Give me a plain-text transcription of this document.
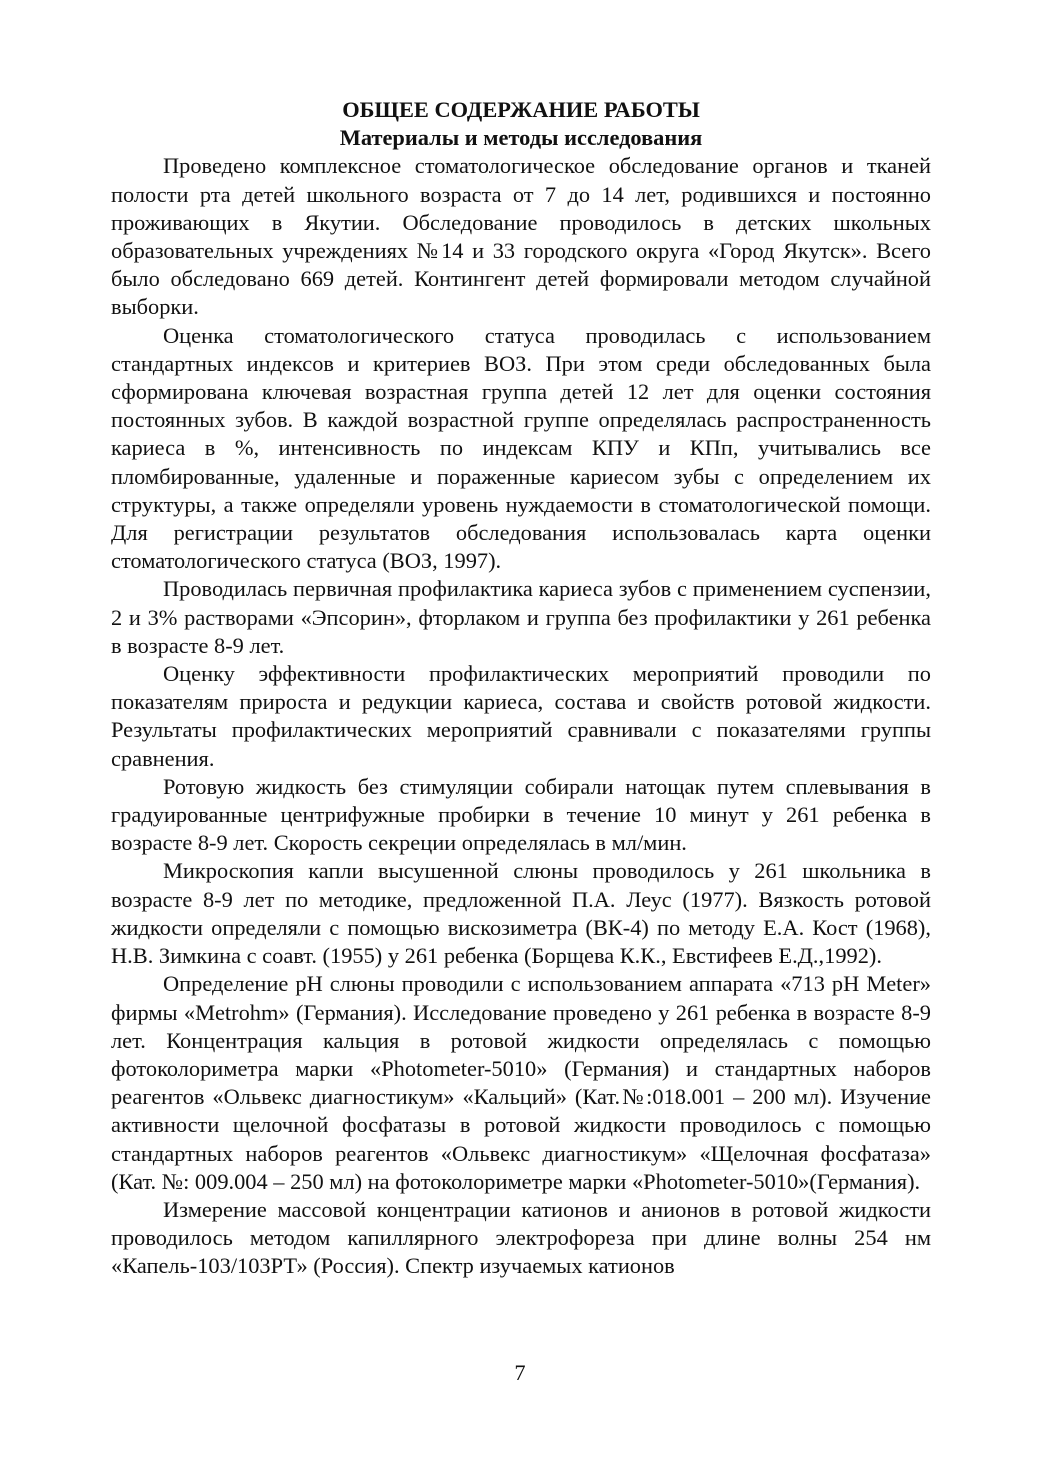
ОБЩЕЕ СОДЕРЖАНИЕ РАБОТЫ

Материалы и методы исследования

Проведено комплексное стоматологическое обследование органов и тканей полости рта детей школьного возраста от 7 до 14 лет, родившихся и постоянно проживающих в Якутии. Обследование проводилось в детских школьных образовательных учреждениях №14 и 33 городского округа «Город Якутск». Всего было обследовано 669 детей. Контингент детей формировали методом случайной выборки.

Оценка стоматологического статуса проводилась с использованием стандартных индексов и критериев ВОЗ. При этом среди обследованных была сформирована ключевая возрастная группа детей 12 лет для оценки состояния постоянных зубов. В каждой возрастной группе определялась распространенность кариеса в %, интенсивность по индексам КПУ и КПп, учитывались все пломбированные, удаленные и пораженные кариесом зубы с определением их структуры, а также определяли уровень нуждаемости в стоматологической помощи. Для регистрации результатов обследования использовалась карта оценки стоматологического статуса (ВОЗ, 1997).

Проводилась первичная профилактика кариеса зубов с применением суспензии, 2 и 3% растворами «Эпсорин», фторлаком и группа без профилактики у 261 ребенка в возрасте 8-9 лет.

Оценку эффективности профилактических мероприятий проводили по показателям прироста и редукции кариеса, состава и свойств ротовой жидкости. Результаты профилактических мероприятий сравнивали с показателями группы сравнения.

Ротовую жидкость без стимуляции собирали натощак путем сплевывания в градуированные центрифужные пробирки в течение 10 минут у 261 ребенка в возрасте 8-9 лет. Скорость секреции определялась в мл/мин.

Микроскопия капли высушенной слюны проводилось у 261 школьника в возрасте 8-9 лет по методике, предложенной П.А. Леус (1977). Вязкость ротовой жидкости определяли с помощью вискозиметра (ВК-4) по методу Е.А. Кост (1968), Н.В. Зимкина с соавт. (1955) у 261 ребенка (Борщева К.К., Евстифеев Е.Д.,1992).

Определение pH слюны проводили с использованием аппарата «713 pH Meter» фирмы «Metrohm» (Германия). Исследование проведено у 261 ребенка в возрасте 8-9 лет. Концентрация кальция в ротовой жидкости определялась с помощью фотоколориметра марки «Photometer-5010» (Германия) и стандартных наборов реагентов «Ольвекс диагностикум» «Кальций» (Кат.№:018.001 – 200 мл). Изучение активности щелочной фосфатазы в ротовой жидкости проводилось с помощью стандартных наборов реагентов «Ольвекс диагностикум» «Щелочная фосфатаза» (Кат. №: 009.004 – 250 мл) на фотоколориметре марки «Photometer-5010»(Германия).

Измерение массовой концентрации катионов и анионов в ротовой жидкости проводилось методом капиллярного электрофореза при длине волны 254 нм «Капель-103/103РТ» (Россия). Спектр изучаемых катионов

7
